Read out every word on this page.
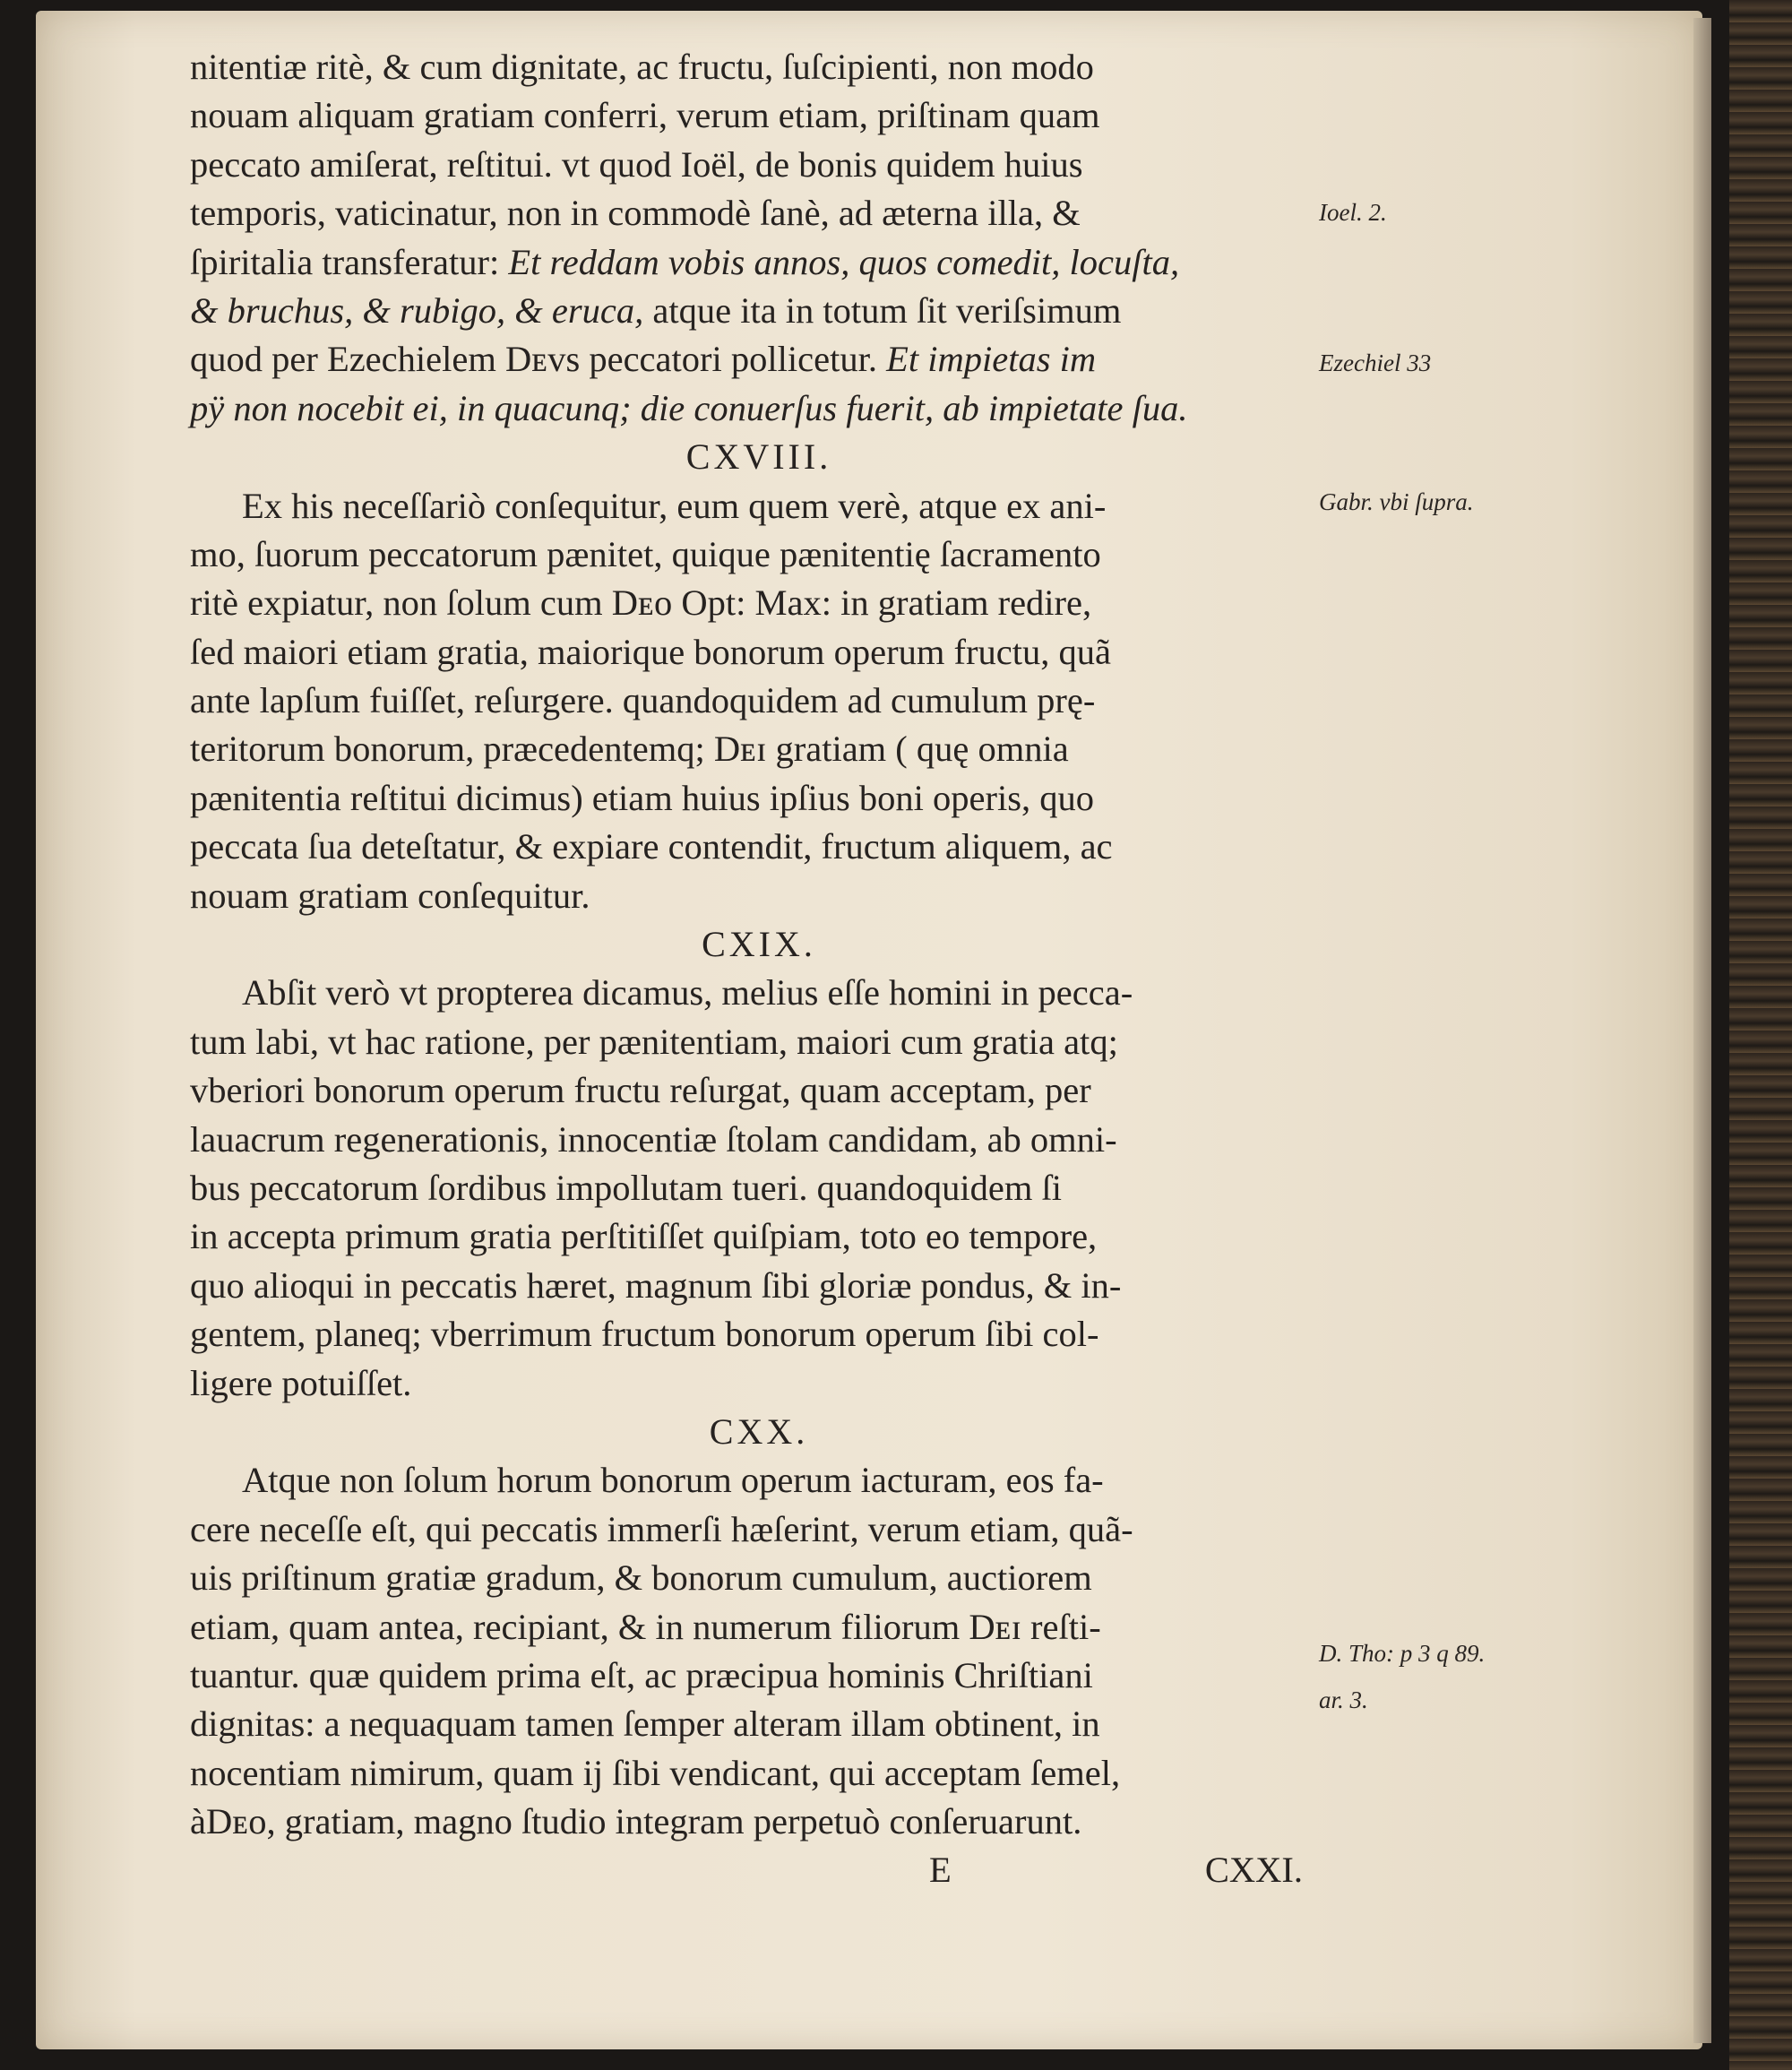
nitentiæ ritè, & cum dignitate, ac fructu, ſuſcipienti, non modo
nouam aliquam gratiam conferri, verum etiam, priſtinam quam
peccato amiſerat, reſtitui. vt quod Ioël, de bonis quidem huius
temporis, vaticinatur, non in commodè ſanè, ad æterna illa, &
ſpiritalia transferatur: Et reddam vobis annos, quos comedit, locuſta,
& bruchus, & rubigo, & eruca, atque ita in totum ſit veriſsimum
quod per Ezechielem Dᴇᴠѕ peccatori pollicetur. Et impietas im
pÿ non nocebit ei, in quacunq; die conuerſus fuerit, ab impietate ſua.
CXVIII.
Ex his neceſſariò conſequitur, eum quem verè, atque ex ani-
mo, ſuorum peccatorum pænitet, quique pænitentię ſacramento
ritè expiatur, non ſolum cum Dᴇᴏ Opt: Max: in gratiam redire,
ſed maiori etiam gratia, maiorique bonorum operum fructu, quã
ante lapſum fuiſſet, reſurgere. quandoquidem ad cumulum prę-
teritorum bonorum, præcedentemq; Dᴇɪ gratiam ( quę omnia
pænitentia reſtitui dicimus) etiam huius ipſius boni operis, quo
peccata ſua deteſtatur, & expiare contendit, fructum aliquem, ac
nouam gratiam conſequitur.
CXIX.
Abſit verò vt propterea dicamus, melius eſſe homini in pecca-
tum labi, vt hac ratione, per pænitentiam, maiori cum gratia atq;
vberiori bonorum operum fructu reſurgat, quam acceptam, per
lauacrum regenerationis, innocentiæ ſtolam candidam, ab omni-
bus peccatorum ſordibus impollutam tueri. quandoquidem ſi
in accepta primum gratia perſtitiſſet quiſpiam, toto eo tempore,
quo alioqui in peccatis hæret, magnum ſibi gloriæ pondus, & in-
gentem, planeq; vberrimum fructum bonorum operum ſibi col-
ligere potuiſſet.
CXX.
Atque non ſolum horum bonorum operum iacturam, eos fa-
cere neceſſe eſt, qui peccatis immerſi hæſerint, verum etiam, quã-
uis priſtinum gratiæ gradum, & bonorum cumulum, auctiorem
etiam, quam antea, recipiant, & in numerum filiorum Dᴇɪ reſti-
tuantur. quæ quidem prima eſt, ac præcipua hominis Chriſtiani
dignitas: a nequaquam tamen ſemper alteram illam obtinent, in
nocentiam nimirum, quam ij ſibi vendicant, qui acceptam ſemel,
àDᴇo, gratiam, magno ſtudio integram perpetuò conſeruarunt.
E	CXXI.
Ioel. 2.
Ezechiel 33
Gabr. vbi ſupra.
D. Tho: p 3 q 89.
ar. 3.
